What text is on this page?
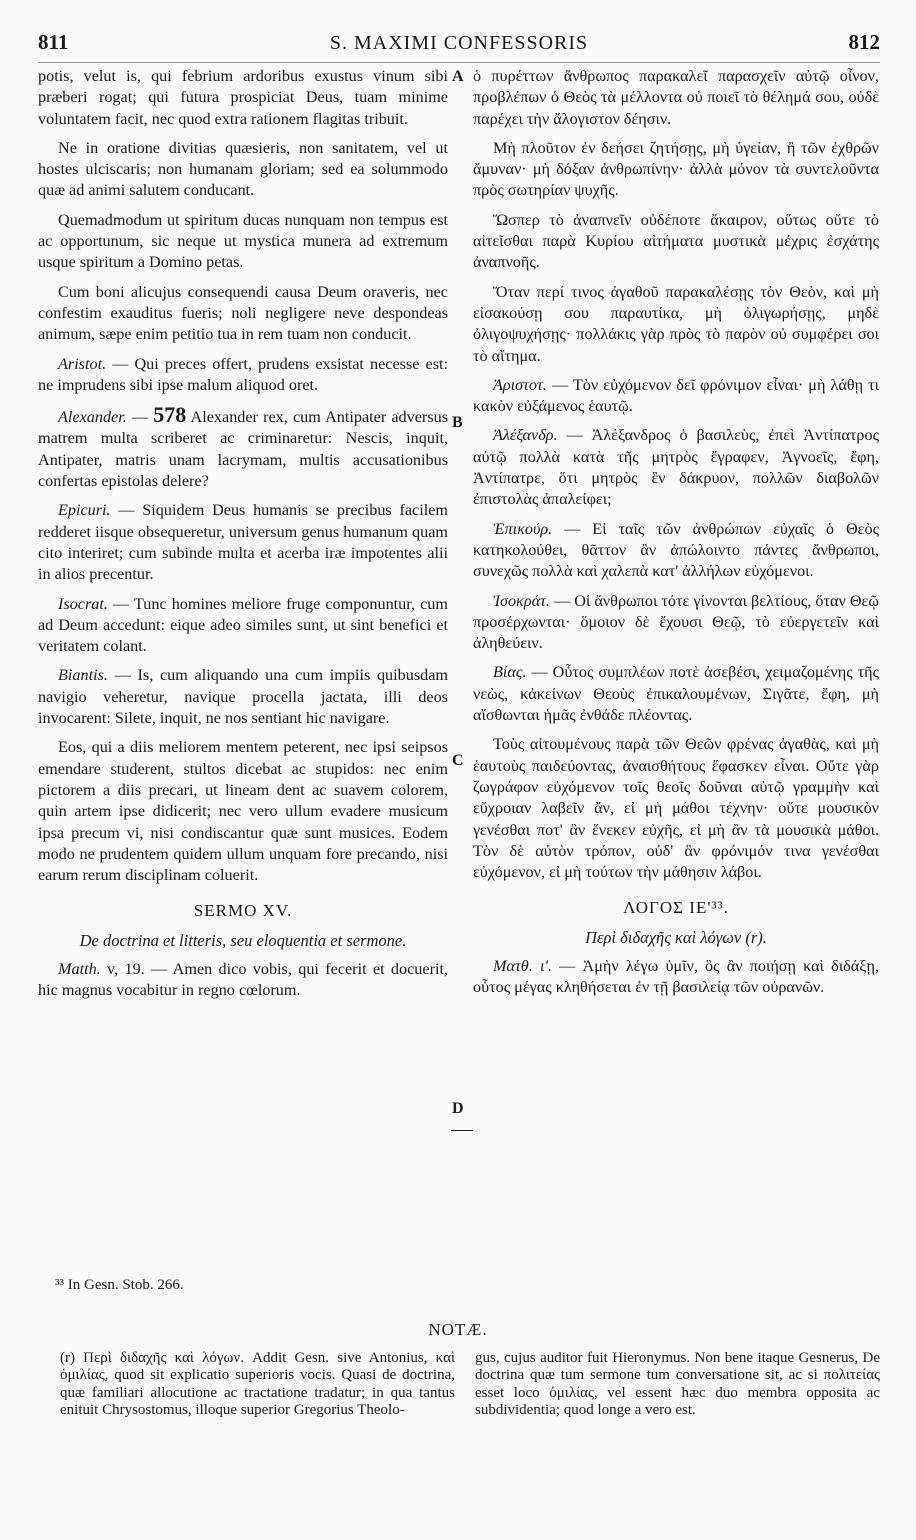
811	S. MAXIMI CONFESSORIS	812
A
B
C
D

potis, velut is, qui febrium ardoribus exustus vinum sibi præberi rogat; qui futura prospiciat Deus, tuam minime voluntatem facit, nec quod extra rationem flagitas tribuit.

Ne in oratione divitias quæsieris, non sanitatem, vel ut hostes ulciscaris; non humanam gloriam; sed ea solummodo quæ ad animi salutem conducant.

Quemadmodum ut spiritum ducas nunquam non tempus est ac opportunum, sic neque ut mystica munera ad extremum usque spiritum a Domino petas.

Cum boni alicujus consequendi causa Deum oraveris, nec confestim exauditus fueris; noli negligere neve despondeas animum, sæpe enim petitio tua in rem tuam non conducit.

Aristot. — Qui preces offert, prudens exsistat necesse est: ne imprudens sibi ipse malum aliquod oret.

Alexander. — 578 Alexander rex, cum Antipater adversus matrem multa scriberet ac criminaretur: Nescis, inquit, Antipater, matris unam lacrymam, multis accusationibus confertas epistolas delere?

Epicuri. — Siquidem Deus humanis se precibus facilem redderet iisque obsequeretur, universum genus humanum quam cito interiret; cum subinde multa et acerba iræ impotentes alii in alios precentur.

Isocrat. — Tunc homines meliore fruge componuntur, cum ad Deum accedunt: eique adeo similes sunt, ut sint benefici et veritatem colant.

Biantis. — Is, cum aliquando una cum impiis quibusdam navigio veheretur, navique procella jactata, illi deos invocarent: Silete, inquit, ne nos sentiant hic navigare.

Eos, qui a diis meliorem mentem peterent, nec ipsi seipsos emendare studerent, stultos dicebat ac stupidos: nec enim pictorem a diis precari, ut lineam dent ac suavem colorem, quin artem ipse didicerit; nec vero ullum evadere musicum ipsa precum vi, nisi condiscantur quæ sunt musices. Eodem modo ne prudentem quidem ullum unquam fore precando, nisi earum rerum disciplinam coluerit.

SERMO XV.

De doctrina et litteris, seu eloquentia et sermone.

Matth. v, 19. — Amen dico vobis, qui fecerit et docuerit, hic magnus vocabitur in regno cœlorum.

ὁ πυρέττων ἄνθρωπος παρακαλεῖ παρασχεῖν αὐτῷ οἶνον, προβλέπων ὁ Θεὸς τὰ μέλλοντα οὐ ποιεῖ τὸ θέλημά σου, οὐδὲ παρέχει τὴν ἄλογιστον δέησιν.

Μὴ πλοῦτον ἐν δεήσει ζητήσῃς, μὴ ὑγείαν, ἢ τῶν ἐχθρῶν ἄμυναν· μὴ δόξαν ἀνθρωπίνην· ἀλλὰ μόνον τὰ συντελοῦντα πρὸς σωτηρίαν ψυχῆς.

Ὥσπερ τὸ ἀναπνεῖν οὐδέποτε ἄκαιρον, οὕτως οὔτε τὸ αἰτεῖσθαι παρὰ Κυρίου αἰτήματα μυστικὰ μέχρις ἐσχάτης ἀναπνοῆς.

Ὅταν περί τινος ἀγαθοῦ παρακαλέσῃς τὸν Θεὸν, καὶ μὴ εἰσακούσῃ σου παραυτίκα, μὴ ὀλιγωρήσῃς, μηδὲ ὀλιγοψυχήσῃς· πολλάκις γὰρ πρὸς τὸ παρὸν οὐ συμφέρει σοι τὸ αἴτημα.

Ἀριστοτ. — Τὸν εὐχόμενον δεῖ φρόνιμον εἶναι· μὴ λάθῃ τι κακὸν εὐξάμενος ἑαυτῷ.

Ἀλέξανδρ. — Ἀλέξανδρος ὁ βασιλεὺς, ἐπεὶ Ἀντίπατρος αὐτῷ πολλὰ κατὰ τῆς μητρὸς ἔγραφεν, Ἀγνοεῖς, ἔφη, Ἀντίπατρε, ὅτι μητρὸς ἓν δάκρυον, πολλῶν διαβολῶν ἐπιστολὰς ἀπαλείφει;

Ἐπικούρ. — Εἰ ταῖς τῶν ἀνθρώπων εὐχαῖς ὁ Θεὸς κατηκολούθει, θᾶττον ἂν ἀπώλοιντο πάντες ἄνθρωποι, συνεχῶς πολλὰ καὶ χαλεπὰ κατ' ἀλλήλων εὐχόμενοι.

Ἰσοκράτ. — Οἱ ἄνθρωποι τότε γίνονται βελτίους, ὅταν Θεῷ προσέρχωνται· ὅμοιον δὲ ἔχουσι Θεῷ, τὸ εὐεργετεῖν καὶ ἀληθεύειν.

Βίας. — Οὗτος συμπλέων ποτὲ ἀσεβέσι, χειμαζομένης τῆς νεὼς, κἀκείνων Θεοὺς ἐπικαλουμένων, Σιγᾶτε, ἔφη, μὴ αἴσθωνται ἡμᾶς ἐνθάδε πλέοντας.

Τοὺς αἰτουμένους παρὰ τῶν Θεῶν φρένας ἀγαθὰς, καὶ μὴ ἑαυτοὺς παιδεύοντας, ἀναισθήτους ἔφασκεν εἶναι. Οὔτε γὰρ ζωγράφον εὐχόμενον τοῖς θεοῖς δοῦναι αὐτῷ γραμμὴν καὶ εὔχροιαν λαβεῖν ἄν, εἰ μὴ μάθοι τέχνην· οὔτε μουσικὸν γενέσθαι ποτ' ἂν ἕνεκεν εὐχῆς, εἰ μὴ ἂν τὰ μουσικὰ μάθοι. Τὸν δὲ αὐτὸν τρόπον, οὐδ' ἂν φρόνιμόν τινα γενέσθαι εὐχόμενον, εἰ μὴ τούτων τὴν μάθησιν λάβοι.

ΛΟΓΟΣ ΙΕ'³³.

Περὶ διδαχῆς καὶ λόγων (r).

Ματθ. ι'. — Ἀμὴν λέγω ὑμῖν, ὃς ἂν ποιήσῃ καὶ διδάξῃ, οὗτος μέγας κληθήσεται ἐν τῇ βασιλείᾳ τῶν οὐρανῶν.

³³ In Gesn. Stob. 266.
NOTÆ.

(r) Περὶ διδαχῆς καὶ λόγων. Addit Gesn. sive Antonius, καὶ ὁμιλίας, quod sit explicatio superioris vocis. Quasi de doctrina, quæ familiari allocutione ac tractatione tradatur; in qua tantus enituit Chrysostomus, illoque superior Gregorius Theolo-

gus, cujus auditor fuit Hieronymus. Non bene itaque Gesnerus, De doctrina quæ tum sermone tum conversatione sit, ac si πολιτείας esset loco ὁμιλίας, vel essent hæc duo membra opposita ac subdividentia; quod longe a vero est.
